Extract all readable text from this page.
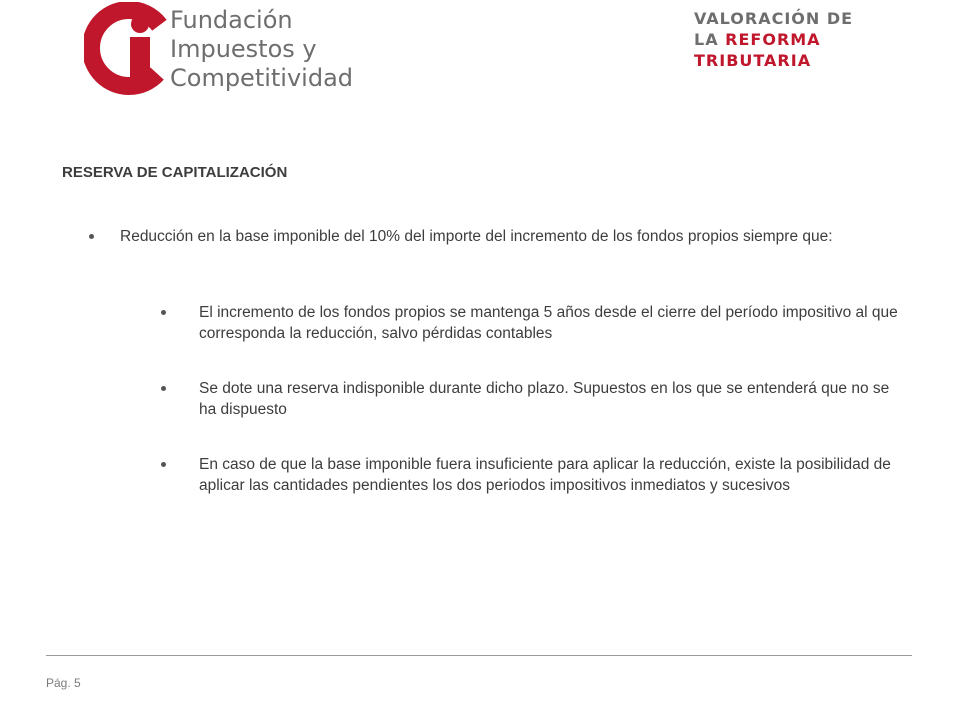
Fundación
Impuestos y
Competitividad
VALORACIÓN DE
LA REFORMA
TRIBUTARIA
RESERVA DE CAPITALIZACIÓN
Reducción en la base imponible del 10% del importe del incremento de los fondos propios siempre que:
El incremento de los fondos propios se mantenga 5 años desde el cierre del período impositivo al que corresponda la reducción, salvo pérdidas contables
Se dote una reserva indisponible durante dicho plazo. Supuestos en los que se entenderá que no se ha dispuesto
En caso de que la base imponible fuera insuficiente para aplicar la reducción, existe la posibilidad de aplicar las cantidades pendientes los dos periodos impositivos inmediatos y sucesivos
Pág. 5
